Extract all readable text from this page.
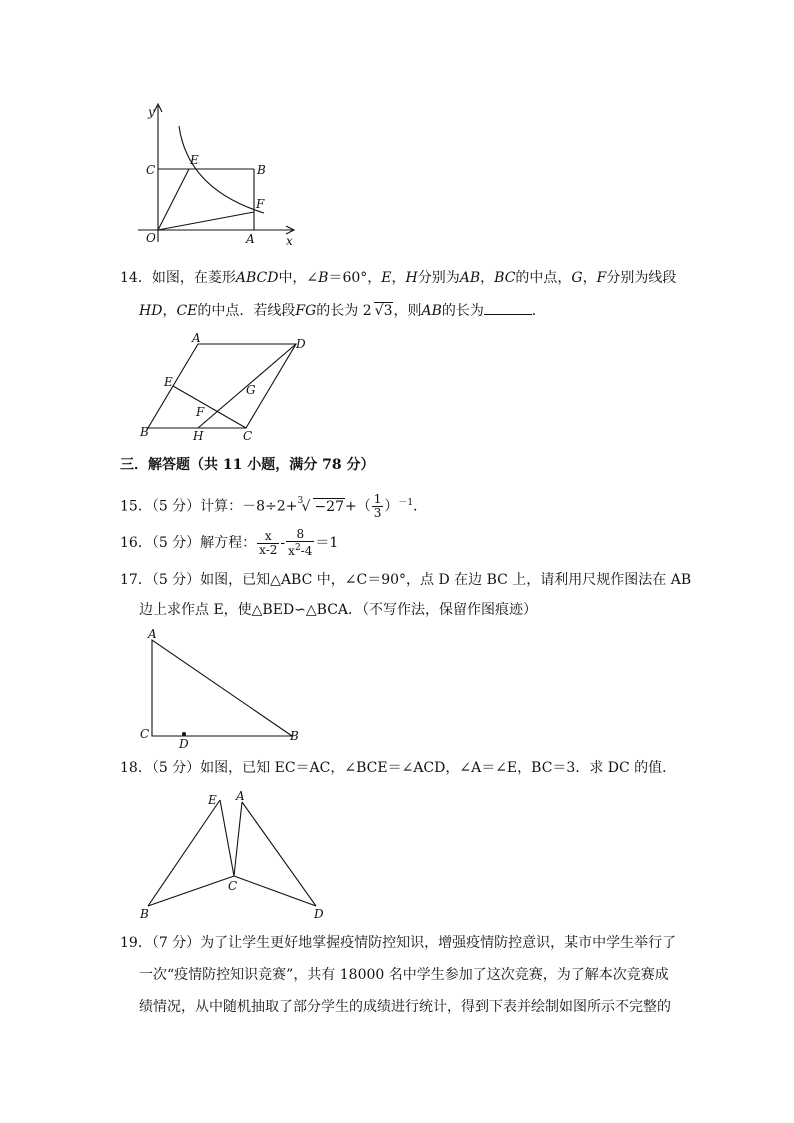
y
x
C
E
B
F
O	A
14．如图，在菱形ABCD中，∠B＝60°，E，H分别为AB，BC的中点，G，F分别为线段
HD，CE的中点．若线段FG的长为 2 √3，则AB的长为	．
A	D
E
G
F
B	H	C
三．解答题（共 11 小题，满分 78 分）
15．（5 分）计算：－8÷2+ 3
√ $-27+( \frac{1}{3} )^{-1}$．
16．（5 分）解方程： $\frac{x}{x-2} - \frac{8}{x^2-4} =1$
17．（5 分）如图，已知△ABC 中，∠C＝90°，点 D 在边 BC 上，请利用尺规作图法在 AB
边上求作点 E，使△BED∽△BCA．（不写作法，保留作图痕迹）
A
C
D
B
18．（5 分）如图，已知 EC＝AC，∠BCE＝∠ACD，∠A＝∠E，BC＝3．求 DC 的值．
E A
C
B	D
19．（7 分）为了让学生更好地掌握疫情防控知识，增强疫情防控意识，某市中学生举行了
一次“疫情防控知识竞赛”，共有 18000 名中学生参加了这次竞赛，为了解本次竞赛成
绩情况，从中随机抽取了部分学生的成绩进行统计，得到下表并绘制如图所示不完整的
